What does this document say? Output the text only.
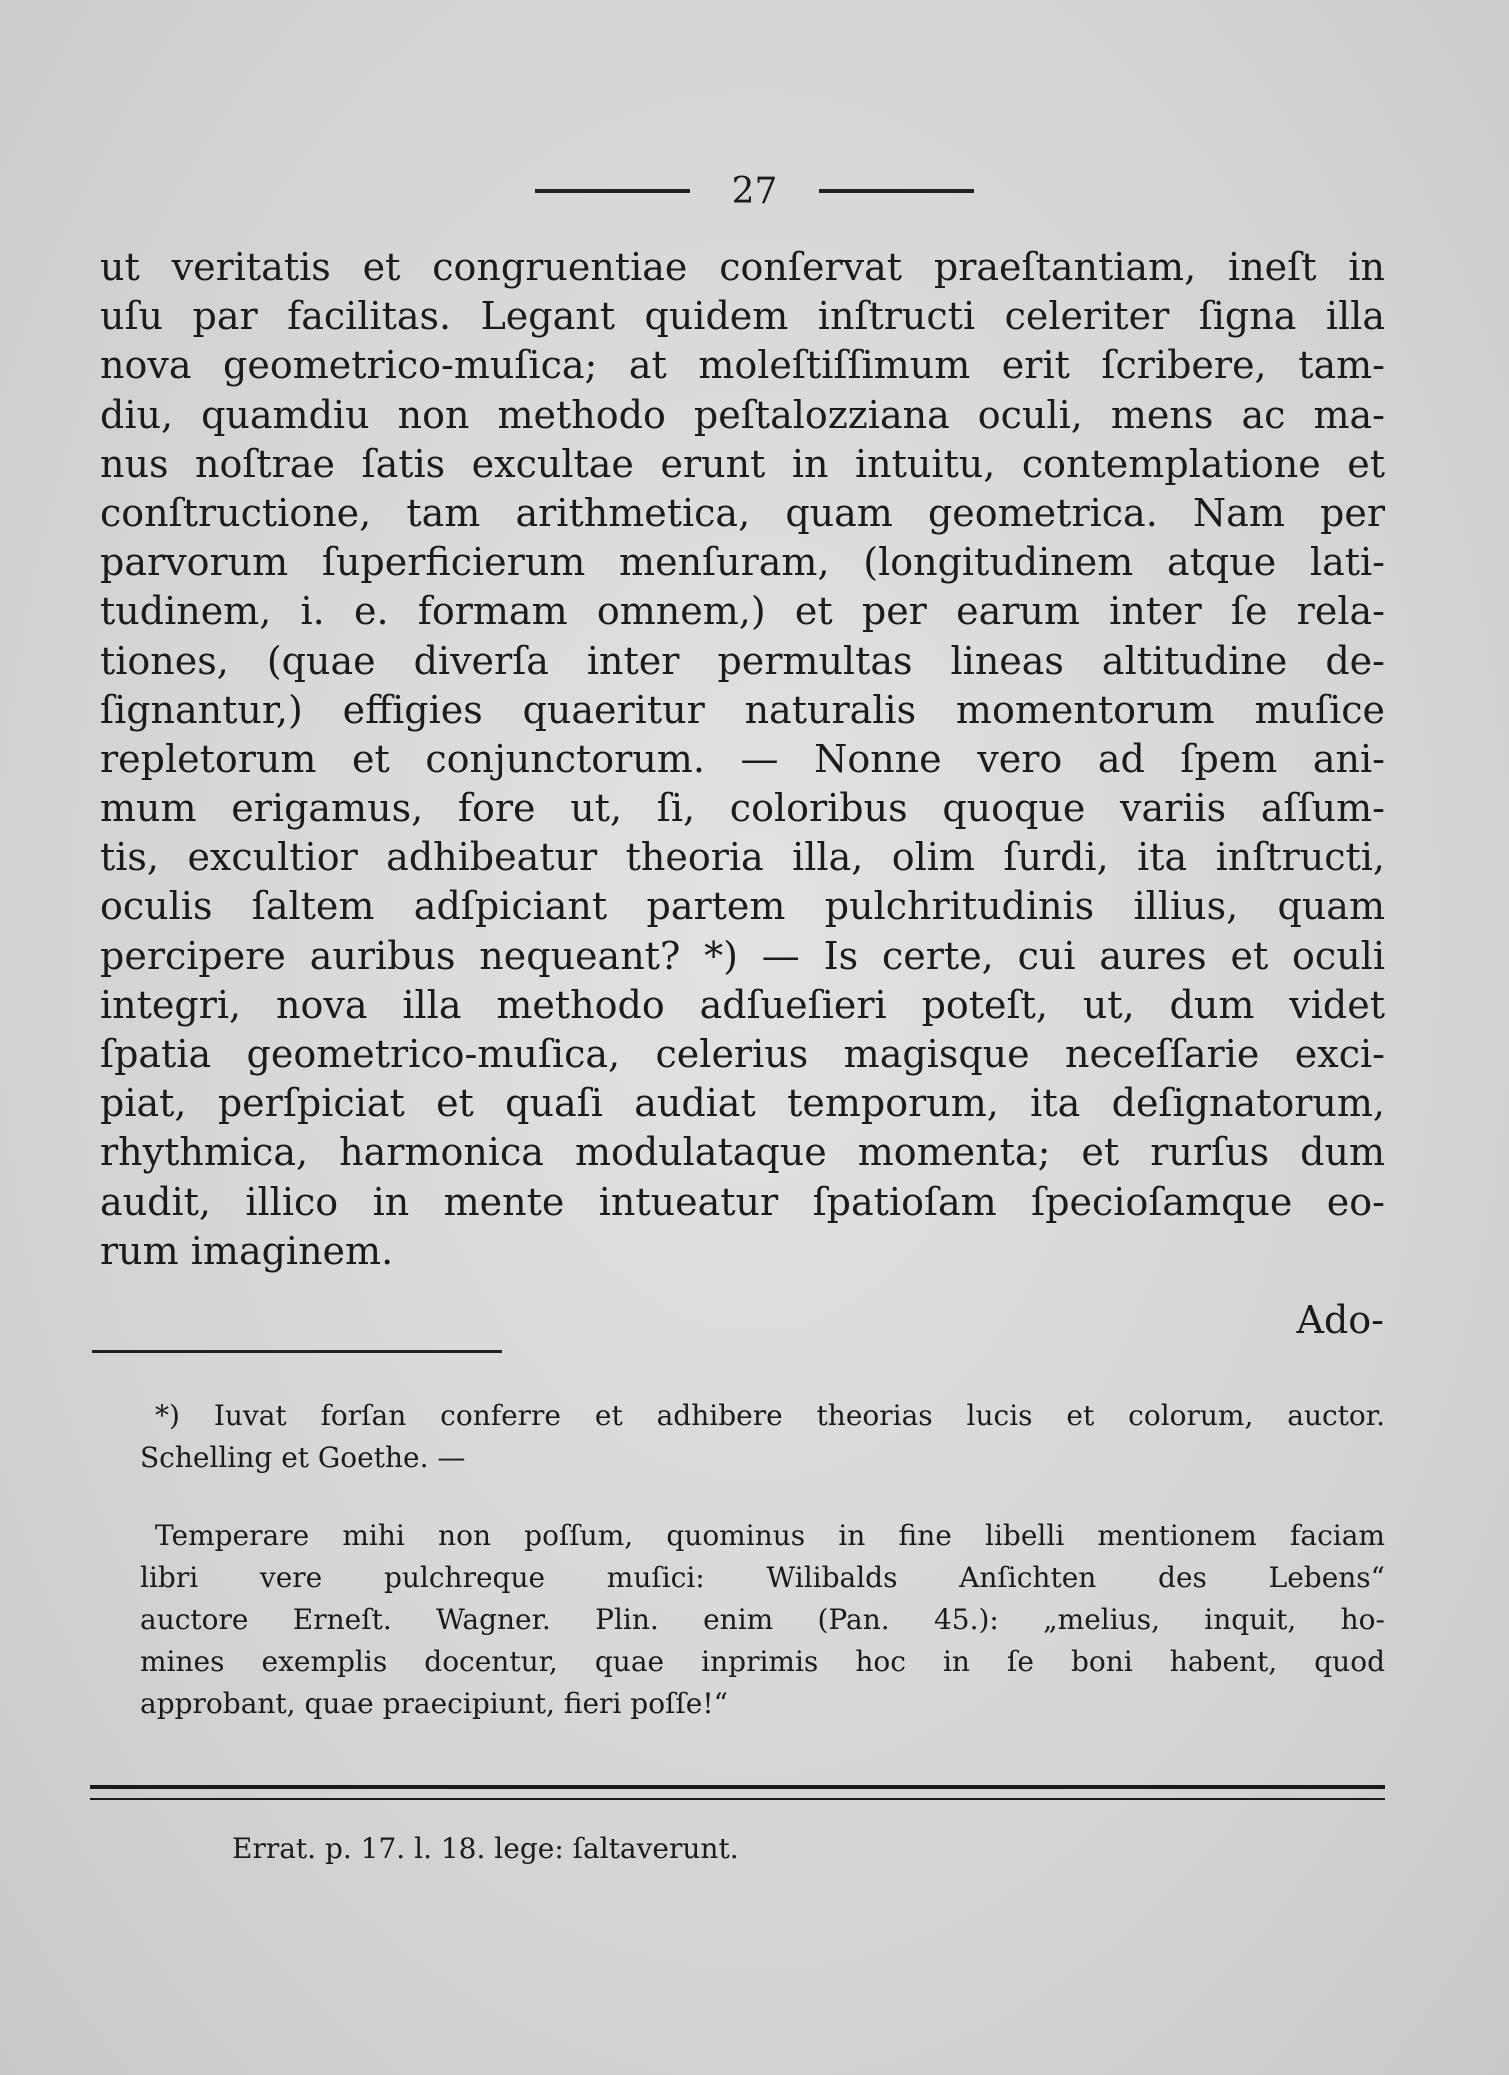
27
ut veritatis et congruentiae conſervat praeſtantiam, ineſt in
uſu par facilitas. Legant quidem inſtructi celeriter ſigna illa
nova geometrico-muſica; at moleſtiſſimum erit ſcribere, tam-
diu, quamdiu non methodo peſtalozziana oculi, mens ac ma-
nus noſtrae ſatis excultae erunt in intuitu, contemplatione et
conſtructione, tam arithmetica, quam geometrica. Nam per
parvorum ſuperficierum menſuram, (longitudinem atque lati-
tudinem, i. e. formam omnem,) et per earum inter ſe rela-
tiones, (quae diverſa inter permultas lineas altitudine de-
ſignantur,) effigies quaeritur naturalis momentorum muſice
repletorum et conjunctorum. — Nonne vero ad ſpem ani-
mum erigamus, fore ut, ſi, coloribus quoque variis aſſum-
tis, excultior adhibeatur theoria illa, olim ſurdi, ita inſtructi,
oculis ſaltem adſpiciant partem pulchritudinis illius, quam
percipere auribus nequeant? *) — Is certe, cui aures et oculi
integri, nova illa methodo adſueſieri poteſt, ut, dum videt
ſpatia geometrico-muſica, celerius magisque neceſſarie exci-
piat, perſpiciat et quaſi audiat temporum, ita deſignatorum,
rhythmica, harmonica modulataque momenta; et rurſus dum
audit, illico in mente intueatur ſpatioſam ſpecioſamque eo-
rum imaginem.
Ado-
*) Iuvat forſan conferre et adhibere theorias lucis et colorum, auctor.
Schelling et Goethe. —
Temperare mihi non poſſum, quominus in fine libelli mentionem faciam
libri vere pulchreque muſici: Wilibalds Anſichten des Lebens“
auctore Erneſt. Wagner. Plin. enim (Pan. 45.): „melius, inquit, ho-
mines exemplis docentur, quae inprimis hoc in ſe boni habent, quod
approbant, quae praecipiunt, fieri poſſe!“
Errat. p. 17. l. 18. lege: ſaltaverunt.
